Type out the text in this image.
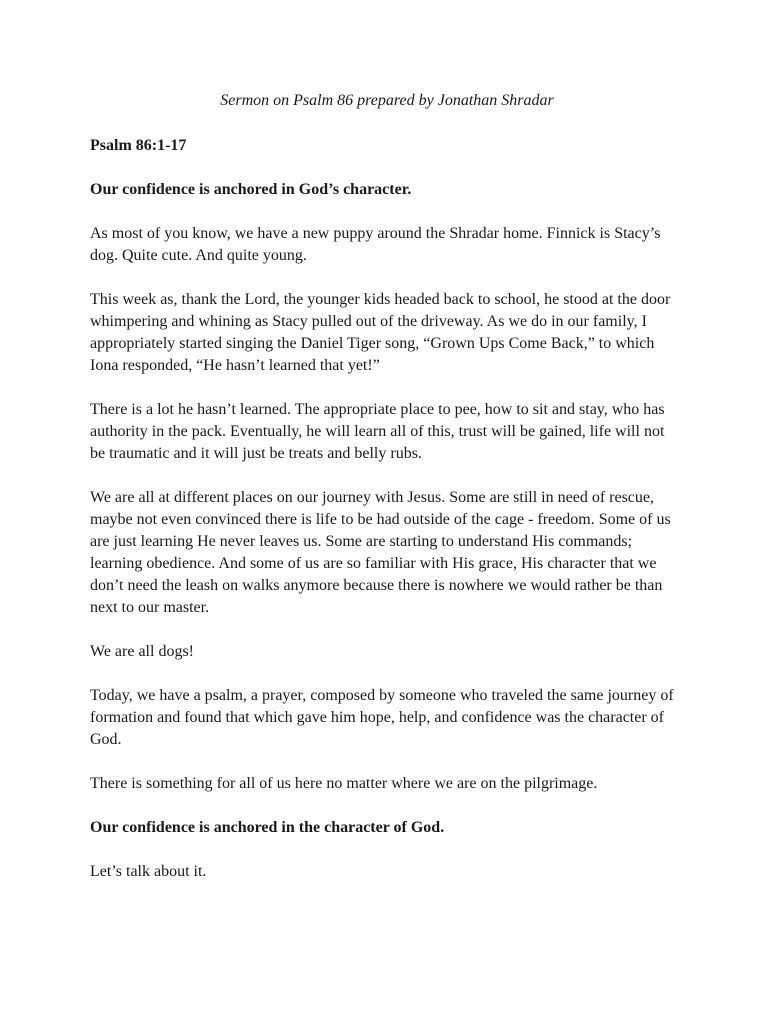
Sermon on Psalm 86 prepared by Jonathan Shradar
Psalm 86:1-17
Our confidence is anchored in God’s character.

As most of you know, we have a new puppy around the Shradar home. Finnick is Stacy’s dog. Quite cute. And quite young.

This week as, thank the Lord, the younger kids headed back to school, he stood at the door whimpering and whining as Stacy pulled out of the driveway. As we do in our family, I appropriately started singing the Daniel Tiger song, “Grown Ups Come Back,” to which Iona responded, “He hasn’t learned that yet!”

There is a lot he hasn’t learned. The appropriate place to pee, how to sit and stay, who has authority in the pack. Eventually, he will learn all of this, trust will be gained, life will not be traumatic and it will just be treats and belly rubs.

We are all at different places on our journey with Jesus. Some are still in need of rescue, maybe not even convinced there is life to be had outside of the cage - freedom. Some of us are just learning He never leaves us. Some are starting to understand His commands; learning obedience. And some of us are so familiar with His grace, His character that we don’t need the leash on walks anymore because there is nowhere we would rather be than next to our master.

We are all dogs!

Today, we have a psalm, a prayer, composed by someone who traveled the same journey of formation and found that which gave him hope, help, and confidence was the character of God.

There is something for all of us here no matter where we are on the pilgrimage.

Our confidence is anchored in the character of God.

Let’s talk about it.
